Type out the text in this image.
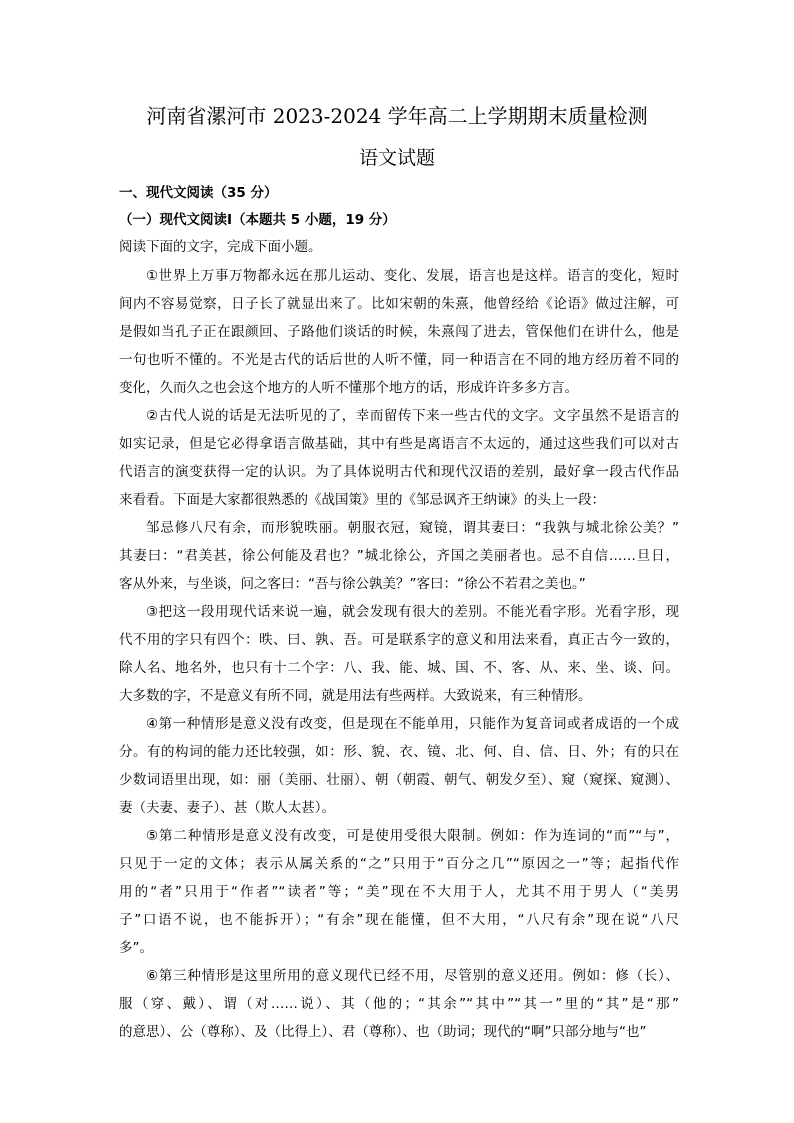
河南省漯河市 2023-2024 学年高二上学期期末质量检测
语文试题
一、现代文阅读（35 分）
（一）现代文阅读Ⅰ（本题共 5 小题，19 分）
阅读下面的文字，完成下面小题。
①世界上万事万物都永远在那儿运动、变化、发展，语言也是这样。语言的变化，短时
间内不容易觉察，日子长了就显出来了。比如宋朝的朱熹，他曾经给《论语》做过注解，可
是假如当孔子正在跟颜回、子路他们谈话的时候，朱熹闯了进去，管保他们在讲什么，他是
一句也听不懂的。不光是古代的话后世的人听不懂，同一种语言在不同的地方经历着不同的
变化，久而久之也会这个地方的人听不懂那个地方的话，形成许许多多方言。
②古代人说的话是无法听见的了，幸而留传下来一些古代的文字。文字虽然不是语言的
如实记录，但是它必得拿语言做基础，其中有些是离语言不太远的，通过这些我们可以对古
代语言的演变获得一定的认识。为了具体说明古代和现代汉语的差别，最好拿一段古代作品
来看看。下面是大家都很熟悉的《战国策》里的《邹忌讽齐王纳谏》的头上一段：
邹忌修八尺有余，而形貌昳丽。朝服衣冠，窥镜，谓其妻曰：“我孰与城北徐公美？”
其妻曰：“君美甚，徐公何能及君也？”城北徐公，齐国之美丽者也。忌不自信……旦日，
客从外来，与坐谈，问之客曰：“吾与徐公孰美？”客曰：“徐公不若君之美也。”
③把这一段用现代话来说一遍，就会发现有很大的差别。不能光看字形。光看字形，现
代不用的字只有四个：昳、曰、孰、吾。可是联系字的意义和用法来看，真正古今一致的，
除人名、地名外，也只有十二个字：八、我、能、城、国、不、客、从、来、坐、谈、问。
大多数的字，不是意义有所不同，就是用法有些两样。大致说来，有三种情形。
④第一种情形是意义没有改变，但是现在不能单用，只能作为复音词或者成语的一个成
分。有的构词的能力还比较强，如：形、貌、衣、镜、北、何、自、信、日、外；有的只在
少数词语里出现，如：丽（美丽、壮丽）、朝（朝霞、朝气、朝发夕至）、窥（窥探、窥测）、
妻（夫妻、妻子）、甚（欺人太甚）。
⑤第二种情形是意义没有改变，可是使用受很大限制。例如：作为连词的“而”“与”，
只见于一定的文体；表示从属关系的“之”只用于“百分之几”“原因之一”等；起指代作
用的“者”只用于“作者”“读者”等；“美”现在不大用于人，尤其不用于男人（“美男
子”口语不说，也不能拆开）；“有余”现在能懂，但不大用，“八尺有余”现在说“八尺
多”。
⑥第三种情形是这里所用的意义现代已经不用，尽管别的意义还用。例如：修（长）、
服（穿、戴）、谓（对……说）、其（他的；“其余”“其中”“其一”里的“其”是“那”
的意思）、公（尊称）、及（比得上）、君（尊称）、也（助词；现代的“啊”只部分地与“也”
